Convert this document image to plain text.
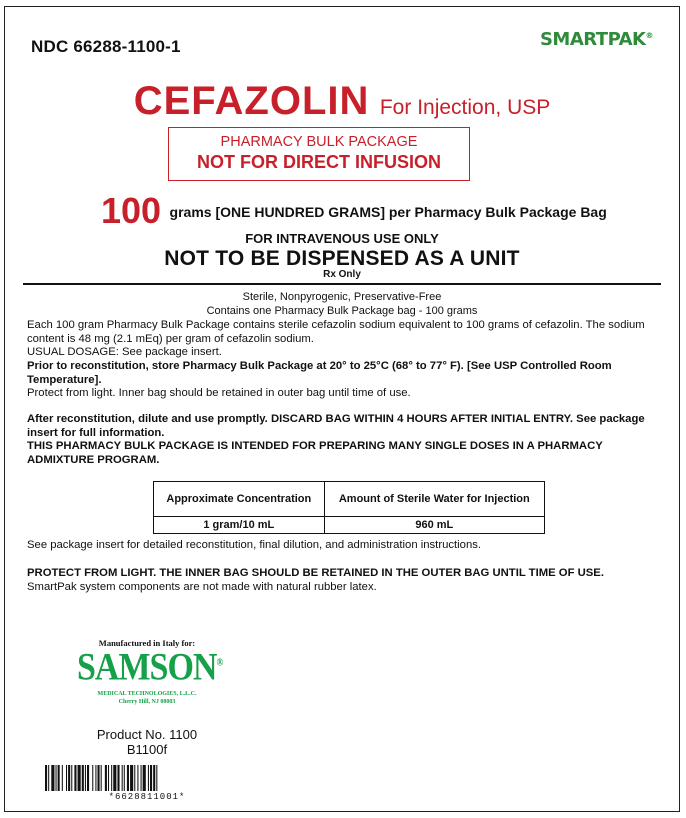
NDC 66288-1100-1	SMARTPAK®
CEFAZOLIN For Injection, USP
PHARMACY BULK PACKAGE
NOT FOR DIRECT INFUSION
100 grams [ONE HUNDRED GRAMS] per Pharmacy Bulk Package Bag
FOR INTRAVENOUS USE ONLY
NOT TO BE DISPENSED AS A UNIT
Rx Only
Sterile, Nonpyrogenic, Preservative-Free
Contains one Pharmacy Bulk Package bag - 100 grams
Each 100 gram Pharmacy Bulk Package contains sterile cefazolin sodium equivalent to 100 grams of cefazolin. The sodium content is 48 mg (2.1 mEq) per gram of cefazolin sodium.
USUAL DOSAGE: See package insert.
Prior to reconstitution, store Pharmacy Bulk Package at 20° to 25°C (68° to 77° F). [See USP Controlled Room Temperature].
Protect from light. Inner bag should be retained in outer bag until time of use.
After reconstitution, dilute and use promptly. DISCARD BAG WITHIN 4 HOURS AFTER INITIAL ENTRY. See package insert for full information.
THIS PHARMACY BULK PACKAGE IS INTENDED FOR PREPARING MANY SINGLE DOSES IN A PHARMACY ADMIXTURE PROGRAM.
Approximate Concentration	Amount of Sterile Water for Injection
1 gram/10 mL	960 mL
See package insert for detailed reconstitution, final dilution, and administration instructions.
PROTECT FROM LIGHT. THE INNER BAG SHOULD BE RETAINED IN THE OUTER BAG UNTIL TIME OF USE.
SmartPak system components are not made with natural rubber latex.
Manufactured in Italy for:
SAMSON®
MEDICAL TECHNOLOGIES, L.L.C.
Cherry Hill, NJ 08003
Product No. 1100
B1100f
*6628811001*
